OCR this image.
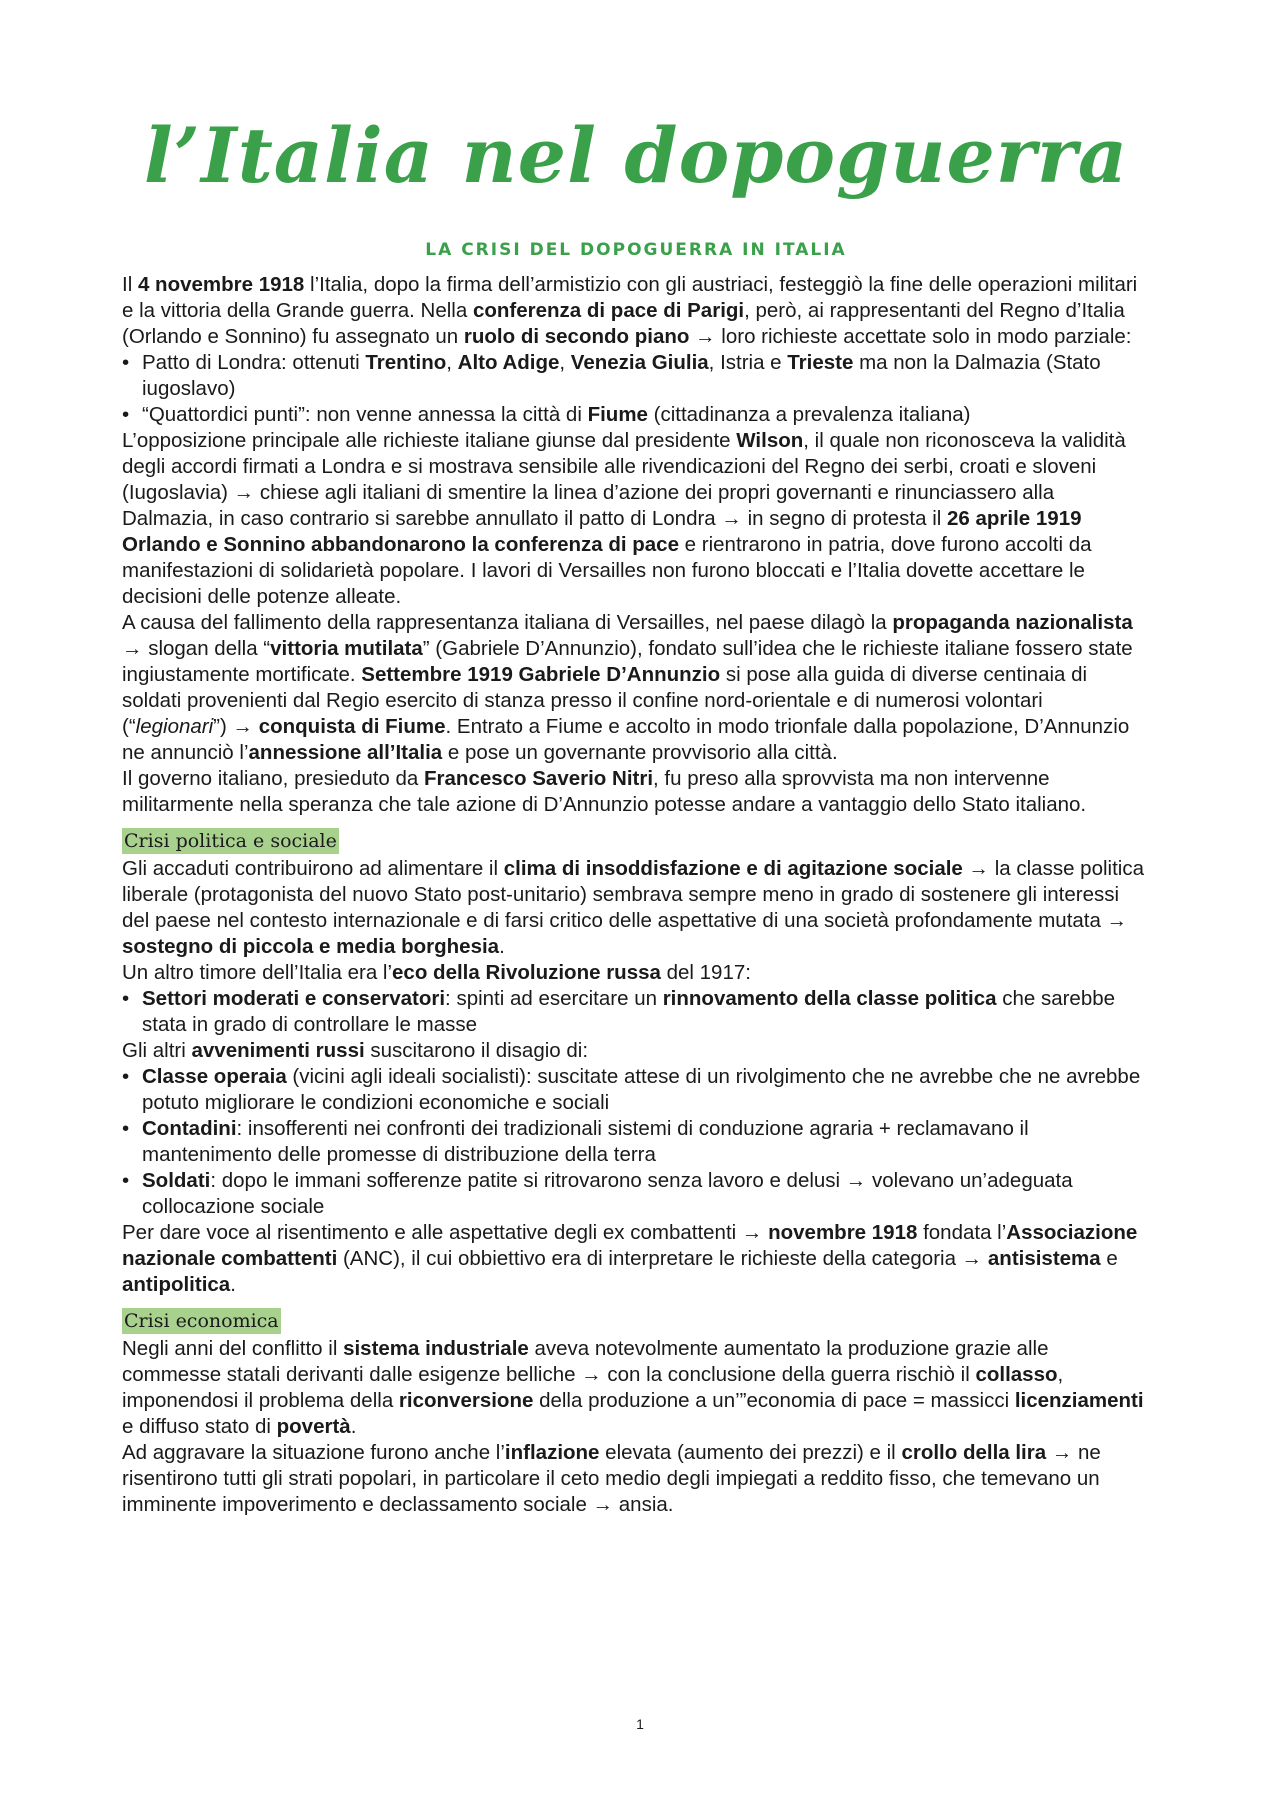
l’Italia nel dopoguerra
LA CRISI DEL DOPOGUERRA IN ITALIA

Il 4 novembre 1918 l’Italia, dopo la firma dell’armistizio con gli austriaci, festeggiò la fine delle operazioni militari e la vittoria della Grande guerra. Nella conferenza di pace di Parigi, però, ai rappresentanti del Regno d’Italia (Orlando e Sonnino) fu assegnato un ruolo di secondo piano → loro richieste accettate solo in modo parziale:

• Patto di Londra: ottenuti Trentino, Alto Adige, Venezia Giulia, Istria e Trieste ma non la Dalmazia (Stato iugoslavo)
• “Quattordici punti”: non venne annessa la città di Fiume (cittadinanza a prevalenza italiana)

L’opposizione principale alle richieste italiane giunse dal presidente Wilson, il quale non riconosceva la validità degli accordi firmati a Londra e si mostrava sensibile alle rivendicazioni del Regno dei serbi, croati e sloveni (Iugoslavia) → chiese agli italiani di smentire la linea d’azione dei propri governanti e rinunciassero alla Dalmazia, in caso contrario si sarebbe annullato il patto di Londra → in segno di protesta il 26 aprile 1919 Orlando e Sonnino abbandonarono la conferenza di pace e rientrarono in patria, dove furono accolti da manifestazioni di solidarietà popolare. I lavori di Versailles non furono bloccati e l’Italia dovette accettare le decisioni delle potenze alleate.

A causa del fallimento della rappresentanza italiana di Versailles, nel paese dilagò la propaganda nazionalista → slogan della “vittoria mutilata” (Gabriele D’Annunzio), fondato sull’idea che le richieste italiane fossero state ingiustamente mortificate. Settembre 1919 Gabriele D’Annunzio si pose alla guida di diverse centinaia di soldati provenienti dal Regio esercito di stanza presso il confine nord-orientale e di numerosi volontari (“legionari”) → conquista di Fiume. Entrato a Fiume e accolto in modo trionfale dalla popolazione, D’Annunzio ne annunciò l’annessione all’Italia e pose un governante provvisorio alla città.

Il governo italiano, presieduto da Francesco Saverio Nitri, fu preso alla sprovvista ma non intervenne militarmente nella speranza che tale azione di D’Annunzio potesse andare a vantaggio dello Stato italiano.

Crisi politica e sociale

Gli accaduti contribuirono ad alimentare il clima di insoddisfazione e di agitazione sociale → la classe politica liberale (protagonista del nuovo Stato post-unitario) sembrava sempre meno in grado di sostenere gli interessi del paese nel contesto internazionale e di farsi critico delle aspettative di una società profondamente mutata → sostegno di piccola e media borghesia.

Un altro timore dell’Italia era l’eco della Rivoluzione russa del 1917:

• Settori moderati e conservatori: spinti ad esercitare un rinnovamento della classe politica che sarebbe stata in grado di controllare le masse

Gli altri avvenimenti russi suscitarono il disagio di:

• Classe operaia (vicini agli ideali socialisti): suscitate attese di un rivolgimento che ne avrebbe che ne avrebbe potuto migliorare le condizioni economiche e sociali
• Contadini: insofferenti nei confronti dei tradizionali sistemi di conduzione agraria + reclamavano il mantenimento delle promesse di distribuzione della terra
• Soldati: dopo le immani sofferenze patite si ritrovarono senza lavoro e delusi → volevano un’adeguata collocazione sociale

Per dare voce al risentimento e alle aspettative degli ex combattenti → novembre 1918 fondata l’Associazione nazionale combattenti (ANC), il cui obbiettivo era di interpretare le richieste della categoria → antisistema e antipolitica.

Crisi economica

Negli anni del conflitto il sistema industriale aveva notevolmente aumentato la produzione grazie alle commesse statali derivanti dalle esigenze belliche → con la conclusione della guerra rischiò il collasso, imponendosi il problema della riconversione della produzione a un’”economia di pace = massicci licenziamenti e diffuso stato di povertà.

Ad aggravare la situazione furono anche l’inflazione elevata (aumento dei prezzi) e il crollo della lira → ne risentirono tutti gli strati popolari, in particolare il ceto medio degli impiegati a reddito fisso, che temevano un imminente impoverimento e declassamento sociale → ansia.

1
